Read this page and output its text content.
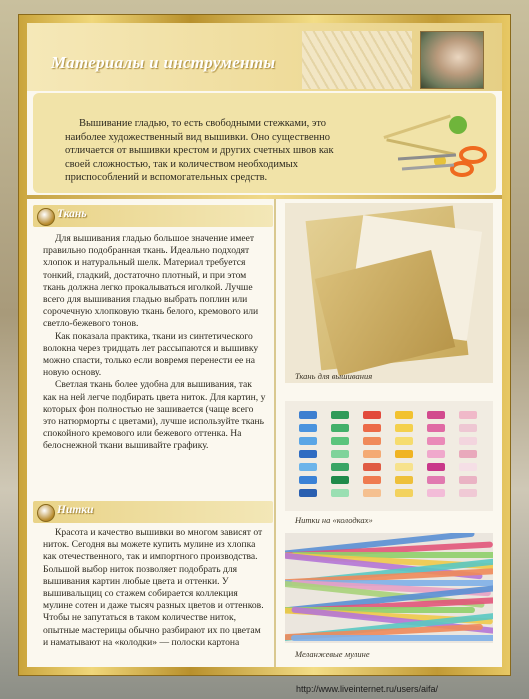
Материалы и инструменты
Вышивание гладью, то есть свободными стежками, это наиболее художественный вид вышивки. Оно существенно отличается от вышивки крестом и других счетных швов как своей сложностью, так и количеством необходимых приспособлений и вспомогательных средств.
Ткань

Для вышивания гладью большое значение имеет правильно подобранная ткань. Идеально подходят хлопок и натуральный шелк. Материал требуется тонкий, гладкий, достаточно плотный, и при этом ткань должна легко прокалываться иголкой. Лучше всего для вышивания гладью выбрать поплин или сорочечную хлопковую ткань белого, кремового или светло-бежевого тонов.

Как показала практика, ткани из синтетического волокна через тридцать лет рассыпаются и вышивку можно спасти, только если вовремя перенести ее на новую основу.

Светлая ткань более удобна для вышивания, так как на ней легче подбирать цвета ниток. Для картин, у которых фон полностью не зашивается (чаще всего это натюрморты с цветами), лучше используйте ткань спокойного кремового или бежевого оттенка. На белоснежной ткани вышивайте графику.

Нитки

Красота и качество вышивки во многом зависят от ниток. Сегодня вы можете купить мулине из хлопка как отечественного, так и импортного производства. Большой выбор ниток позволяет подобрать для вышивания картин любые цвета и оттенки. У вышивальщиц со стажем собирается коллекция мулине сотен и даже тысяч разных цветов и оттенков. Чтобы не запутаться в таком количестве ниток, опытные мастерицы обычно разбирают их по цветам и наматывают на «колодки» — полоски картона

Ткань для вышивания
Нитки на «колодках»
Меланжевые мулине
http://www.liveinternet.ru/users/aifa/
